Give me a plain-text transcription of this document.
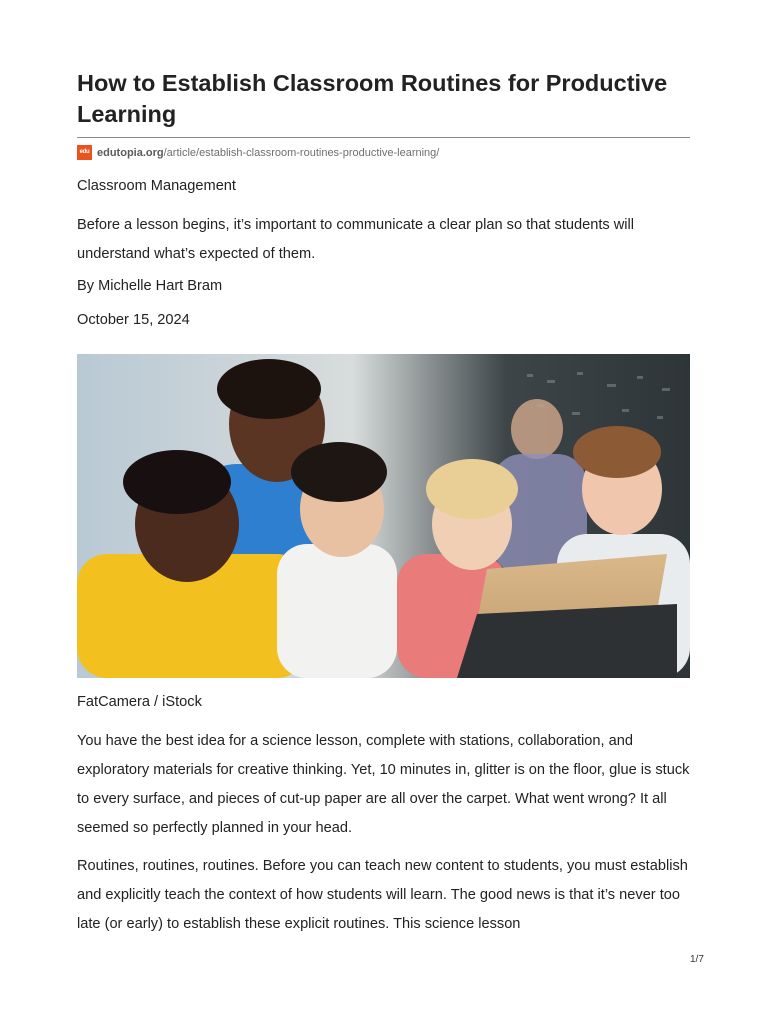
How to Establish Classroom Routines for Productive Learning
edu edutopia.org /article/establish-classroom-routines-productive-learning/

Classroom Management

Before a lesson begins, it’s important to communicate a clear plan so that students will understand what’s expected of them.

By Michelle Hart Bram

October 15, 2024

FatCamera / iStock

You have the best idea for a science lesson, complete with stations, collaboration, and exploratory materials for creative thinking. Yet, 10 minutes in, glitter is on the floor, glue is stuck to every surface, and pieces of cut-up paper are all over the carpet. What went wrong? It all seemed so perfectly planned in your head.

Routines, routines, routines. Before you can teach new content to students, you must establish and explicitly teach the context of how students will learn. The good news is that it’s never too late (or early) to establish these explicit routines. This science lesson

1/7
